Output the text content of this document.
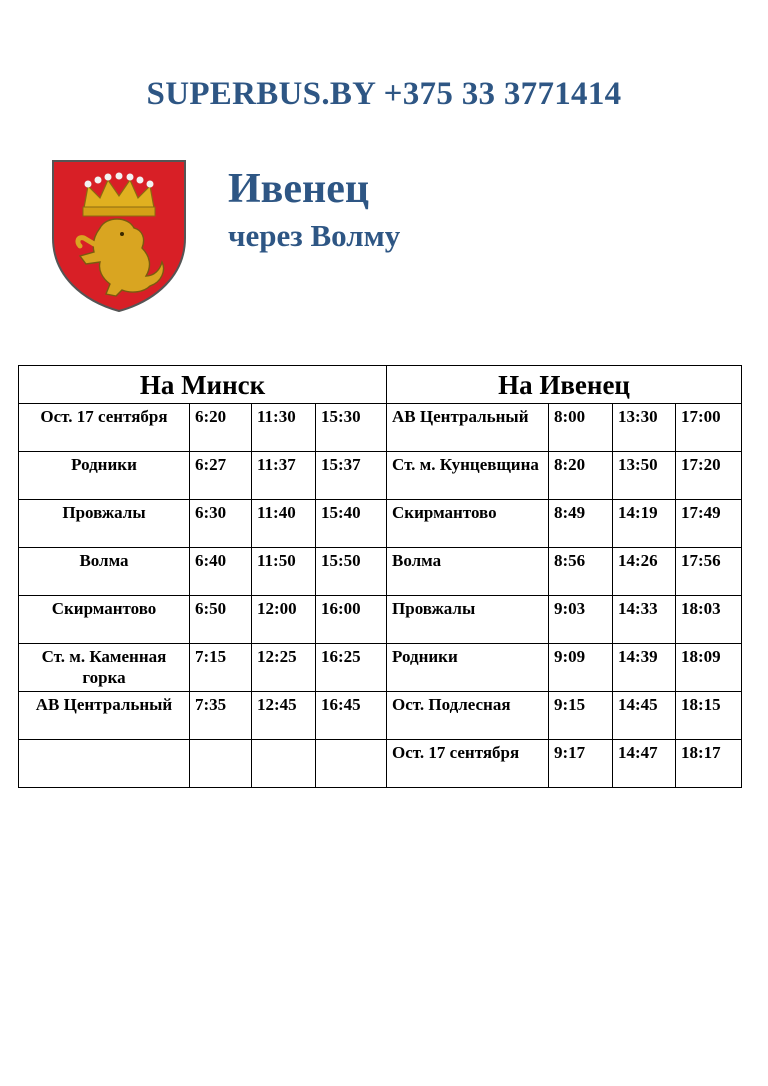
SUPERBUS.BY +375 33 3771414
Ивенец
через Волму
На Минск				На Ивенец			
Ост. 17 сентября	6:20	11:30	15:30	АВ Центральный	8:00	13:30	17:00
Родники	6:27	11:37	15:37	Ст. м. Кунцевщина	8:20	13:50	17:20
Провжалы	6:30	11:40	15:40	Скирмантово	8:49	14:19	17:49
Волма	6:40	11:50	15:50	Волма	8:56	14:26	17:56
Скирмантово	6:50	12:00	16:00	Провжалы	9:03	14:33	18:03
Ст. м. Каменная горка	7:15	12:25	16:25	Родники	9:09	14:39	18:09
АВ Центральный	7:35	12:45	16:45	Ост. Подлесная	9:15	14:45	18:15
				Ост. 17 сентября	9:17	14:47	18:17
